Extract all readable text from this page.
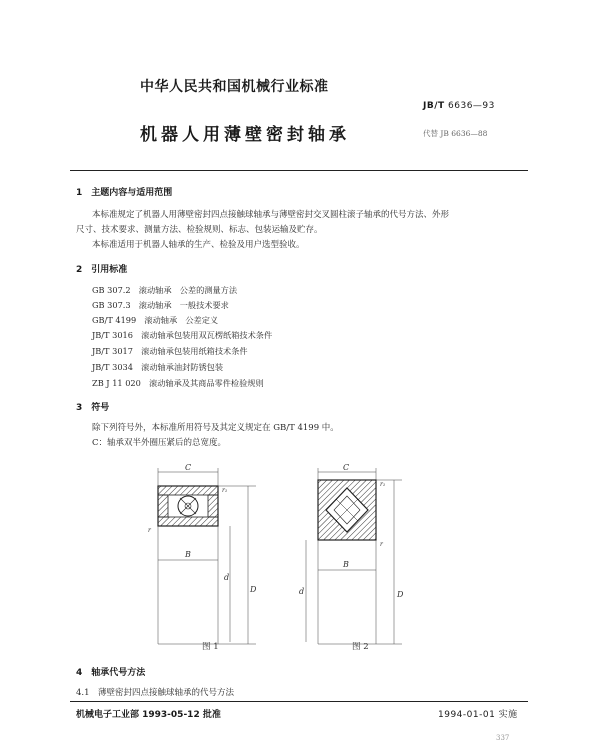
中华人民共和国机械行业标准
机器人用薄壁密封轴承
JB/T 6636—93
代替 JB 6636—88
1　主题内容与适用范围
本标准规定了机器人用薄壁密封四点接触球轴承与薄壁密封交叉圆柱滚子轴承的代号方法、外形
尺寸、技术要求、测量方法、检验规则、标志、包装运输及贮存。
本标准适用于机器人轴承的生产、检验及用户选型验收。
2　引用标准
GB 307.2　滚动轴承　公差的测量方法
GB 307.3　滚动轴承　一般技术要求
GB/T 4199　滚动轴承　公差定义
JB/T 3016　滚动轴承包装用双瓦楞纸箱技术条件
JB/T 3017　滚动轴承包装用纸箱技术条件
JB/T 3034　滚动轴承油封防锈包装
ZB J 11 020　滚动轴承及其商品零件检验规则
3　符号
除下列符号外，本标准所用符号及其定义规定在 GB/T 4199 中。
C：轴承双半外圈压紧后的总宽度。
C
r₁
r
B
d
D
图 1
C
r₁
r
B
d	D
图 2
4　轴承代号方法
4.1　薄壁密封四点接触球轴承的代号方法
机械电子工业部 1993-05-12 批准	1994-01-01 实施
337
